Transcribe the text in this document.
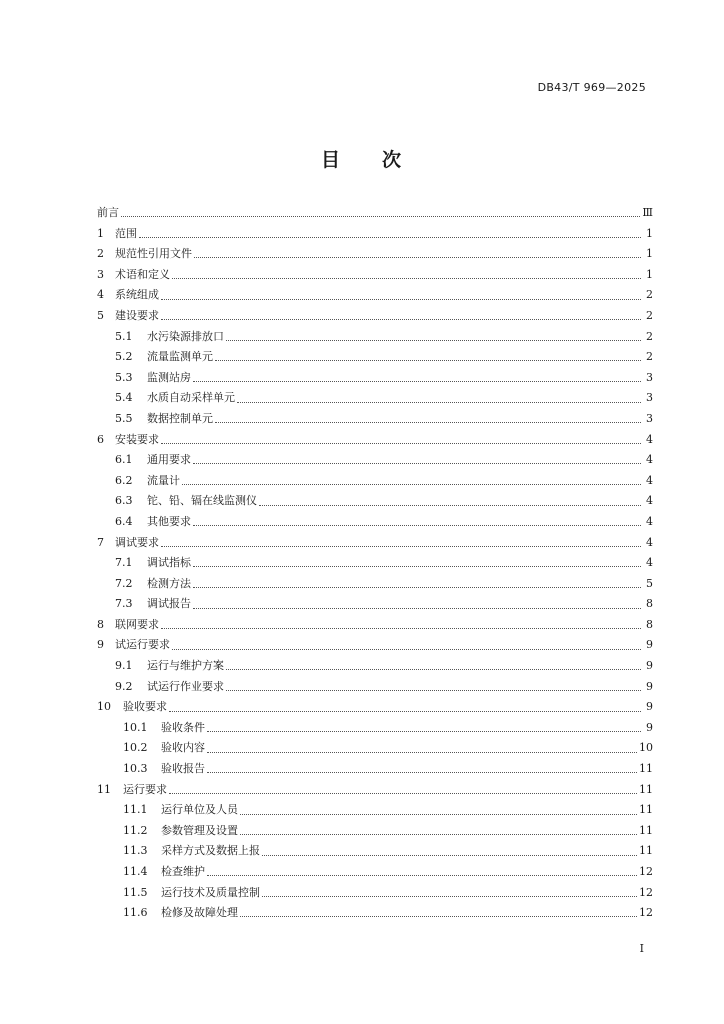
DB43/T 969—2025
目 次
前言	Ⅲ
1	范围	1
2	规范性引用文件	1
3	术语和定义	1
4	系统组成	2
5	建设要求	2
5.1	水污染源排放口	2
5.2	流量监测单元	2
5.3	监测站房	3
5.4	水质自动采样单元	3
5.5	数据控制单元	3
6	安装要求	4
6.1	通用要求	4
6.2	流量计	4
6.3	铊、铅、镉在线监测仪	4
6.4	其他要求	4
7	调试要求	4
7.1	调试指标	4
7.2	检测方法	5
7.3	调试报告	8
8	联网要求	8
9	试运行要求	9
9.1	运行与维护方案	9
9.2	试运行作业要求	9
10	验收要求	9
10.1	验收条件	9
10.2	验收内容	10
10.3	验收报告	11
11	运行要求	11
11.1	运行单位及人员	11
11.2	参数管理及设置	11
11.3	采样方式及数据上报	11
11.4	检查维护	12
11.5	运行技术及质量控制	12
11.6	检修及故障处理	12
I
